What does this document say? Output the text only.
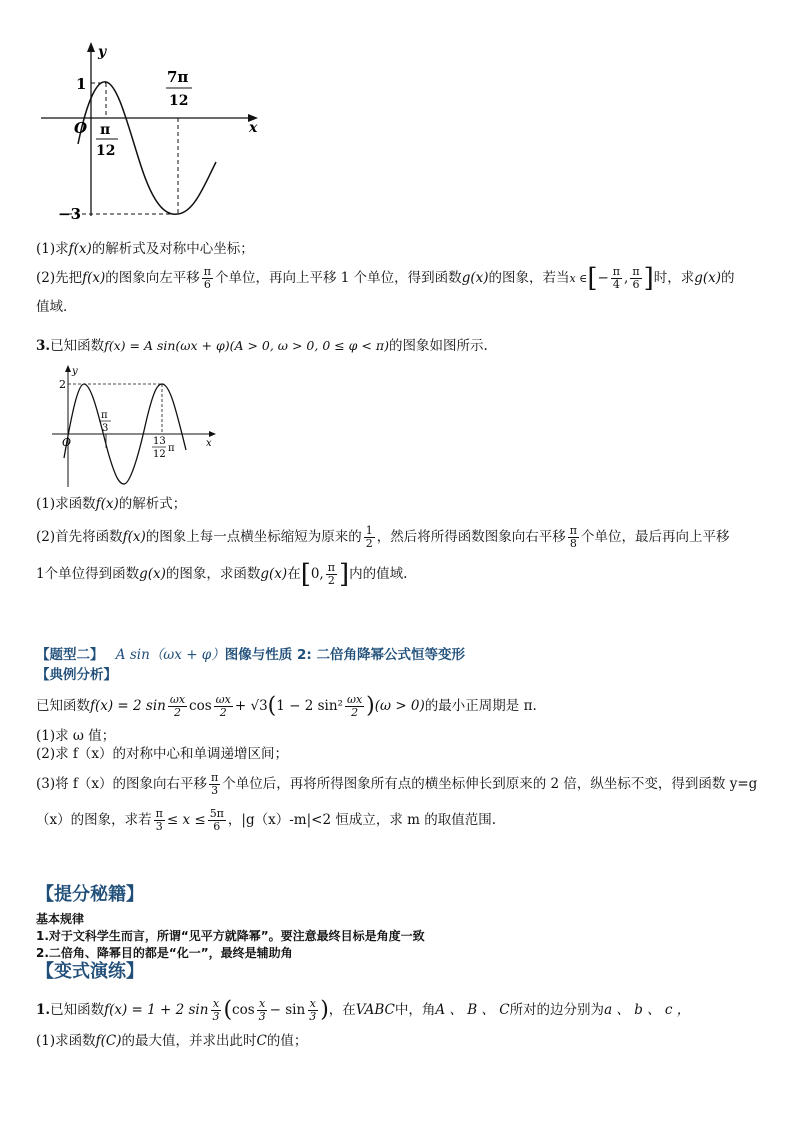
y
x
O
1
−3
π
12
7π
12
(1)求f(x)的解析式及对称中心坐标；
(2)先把f(x)的图象向左平移 $\frac{\pi}{6}$ 个单位，再向上平移 1 个单位，得到函数g(x)的图象，若当x ∈[− $\frac{\pi}{4}$ , $\frac{\pi}{6}$ ]时，求g(x)的
值域．
3.已知函数f(x) = A sin(ωx + φ)(A > 0, ω > 0, 0 ≤ φ < π)的图象如图所示.
y
x
O
2
π
3
13
12
π
(1)求函数f(x)的解析式；
(2)首先将函数f(x)的图象上每一点横坐标缩短为原来的 $\frac{1}{2}$ ，然后将所得函数图象向右平移 $\frac{\pi}{8}$ 个单位，最后再向上平移
1个单位得到函数g(x)的图象，求函数g(x)在[0, $\frac{\pi}{2}$ ]内的值域.
【题型二】 A sin（ωx + φ）图像与性质 2: 二倍角降幂公式恒等变形
【典例分析】
已知函数f(x) = 2 $\sin \frac{\omega x}{2}$ $\cos \frac{\omega x}{2} + √3(1 - 2$ $\sin^2 \frac{\omega x}{2} )(\omega > 0)$的最小正周期是 π.
(1)求 ω 值；
(2)求 f（x）的对称中心和单调递增区间；
(3)将 f（x）的图象向右平移 $\frac{\pi}{3}$ 个单位后，再将所得图象所有点的横坐标伸长到原来的 2 倍，纵坐标不变，得到函数 y=g
（x）的图象，求若 $\frac{\pi}{3} \le x \le \frac{5\pi}{6}$ ，|g（x）-m|<2 恒成立，求 m 的取值范围.
【提分秘籍】
基本规律
1.对于文科学生而言，所谓“见平方就降幂”。要注意最终目标是角度一致
2.二倍角、降幂目的都是“化一”，最终是辅助角
【变式演练】
1.已知函数f(x) = 1 + 2 $\sin \frac{x}{3} (\cos \frac{x}{3} - \sin \frac{x}{3}$ )，在VABC中，角A 、 B 、 C所对的边分别为a 、 b 、 c ，
(1)求函数f(C)的最大值，并求出此时C的值；
